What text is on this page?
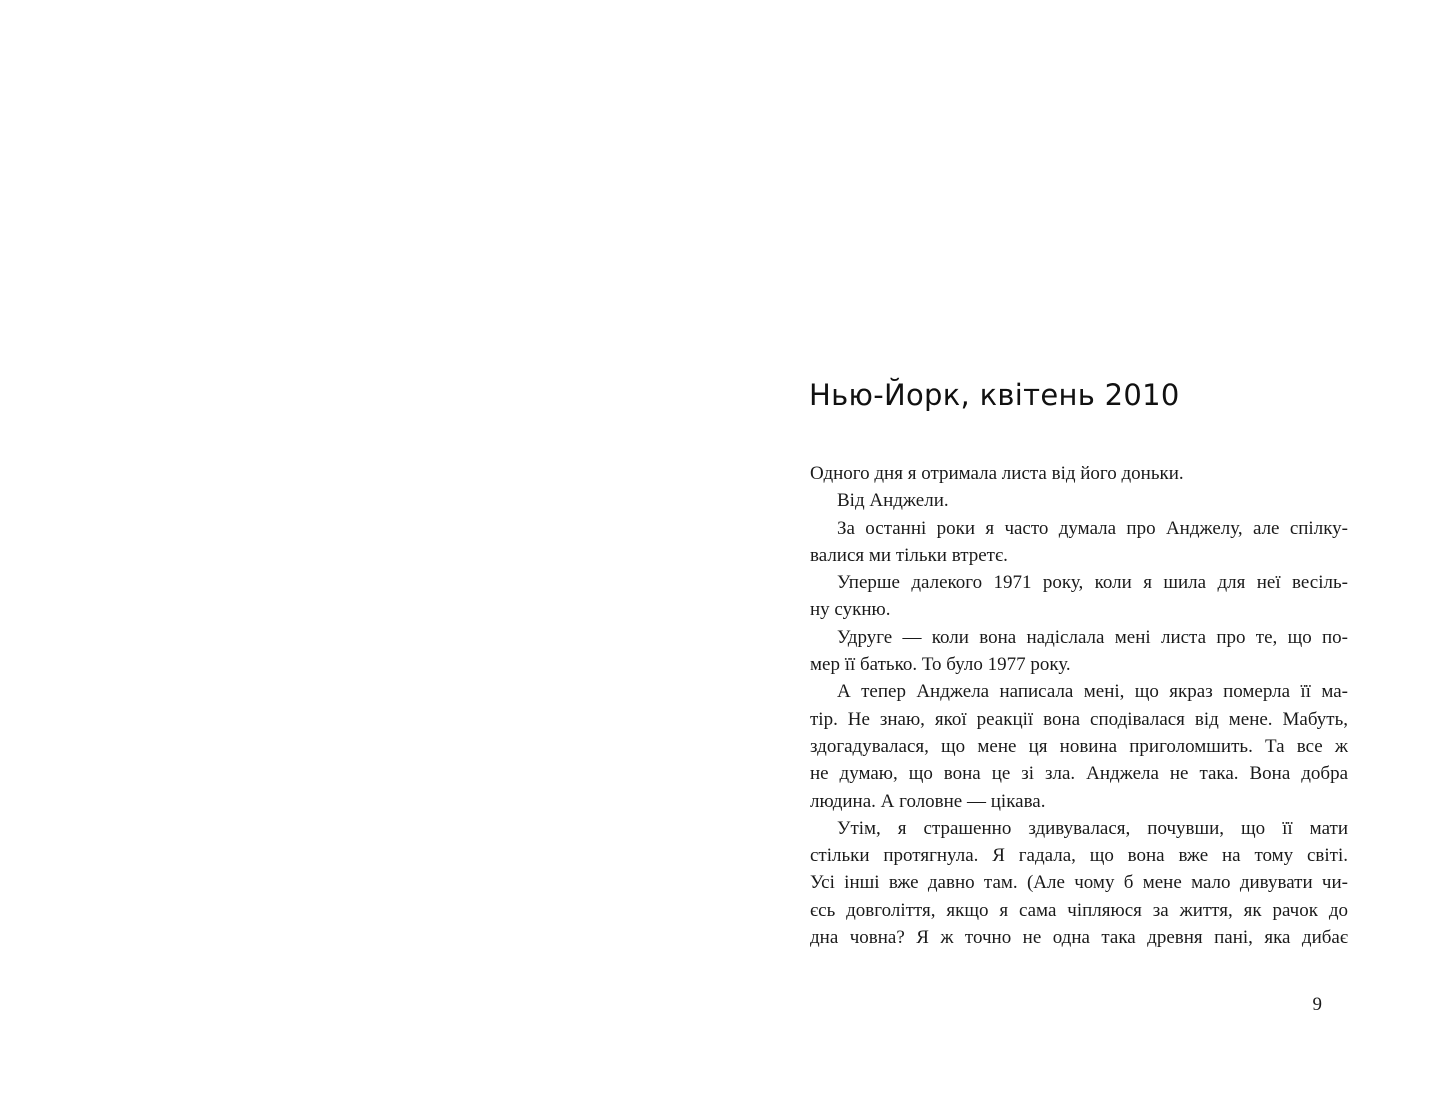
Нью-Йорк, квітень 2010
Одного дня я отримала листа від його доньки.
Від Анджели.
За останні роки я часто думала про Анджелу, але спілку-
валися ми тільки втретє.
Уперше далекого 1971 року, коли я шила для неї весіль-
ну сукню.
Удруге — коли вона надіслала мені листа про те, що по-
мер її батько. То було 1977 року.
А тепер Анджела написала мені, що якраз померла її ма-
тір. Не знаю, якої реакції вона сподівалася від мене. Мабуть,
здогадувалася, що мене ця новина приголомшить. Та все ж
не думаю, що вона це зі зла. Анджела не така. Вона добра
людина. А головне — цікава.
Утім, я страшенно здивувалася, почувши, що її мати
стільки протягнула. Я гадала, що вона вже на тому світі.
Усі інші вже давно там. (Але чому б мене мало дивувати чи-
єсь довголіття, якщо я сама чіпляюся за життя, як рачок до
дна човна? Я ж точно не одна така древня пані, яка дибає
9
